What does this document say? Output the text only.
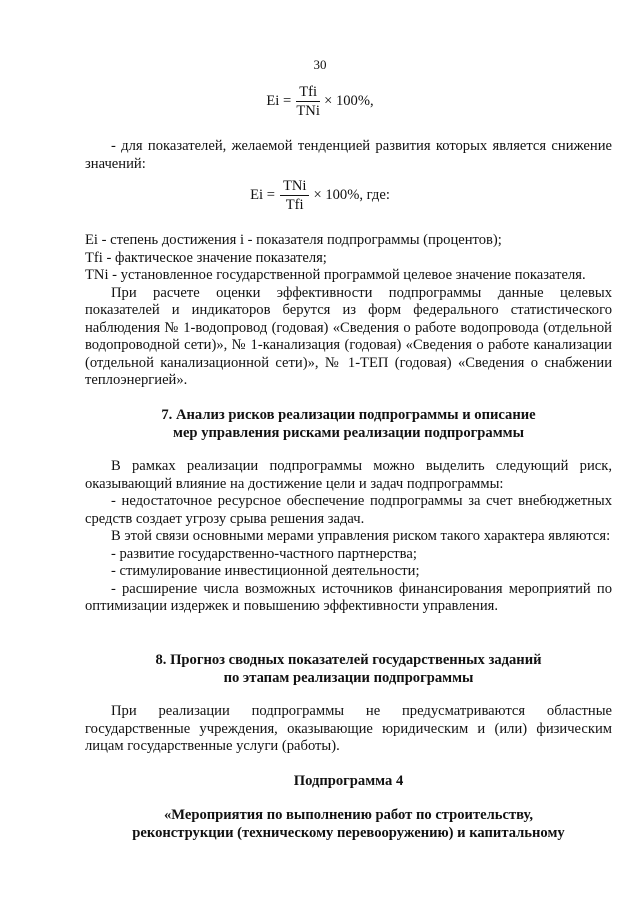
30
$Ei = \frac{\text{Tfi}}{\text{TNi}} \times 100\%$,

- для показателей, желаемой тенденцией развития которых является снижение значений:

$Ei = \frac{\text{TNi}}{\text{Tfi}} \times 100\%$, где:

Ei - степень достижения i - показателя подпрограммы (процентов);

Tfi - фактическое значение показателя;

TNi - установленное государственной программой целевое значение показателя.

При расчете оценки эффективности подпрограммы данные целевых показателей и индикаторов берутся из форм федерального статистического наблюдения № 1-водопровод (годовая) «Сведения о работе водопровода (отдельной водопроводной сети)», № 1-канализация (годовая) «Сведения о работе канализации (отдельной канализационной сети)», № 1-ТЕП (годовая) «Сведения о снабжении теплоэнергией».

7. Анализ рисков реализации подпрограммы и описание
мер управления рисками реализации подпрограммы

В рамках реализации подпрограммы можно выделить следующий риск, оказывающий влияние на достижение цели и задач подпрограммы:

- недостаточное ресурсное обеспечение подпрограммы за счет внебюджетных средств создает угрозу срыва решения задач.

В этой связи основными мерами управления риском такого характера являются:

- развитие государственно-частного партнерства;

- стимулирование инвестиционной деятельности;

- расширение числа возможных источников финансирования мероприятий по оптимизации издержек и повышению эффективности управления.

8. Прогноз сводных показателей государственных заданий
по этапам реализации подпрограммы

При реализации подпрограммы не предусматриваются областные государственные учреждения, оказывающие юридическим и (или) физическим лицам государственные услуги (работы).

Подпрограмма 4
«Мероприятия по выполнению работ по строительству,
реконструкции (техническому перевооружению) и капитальному
